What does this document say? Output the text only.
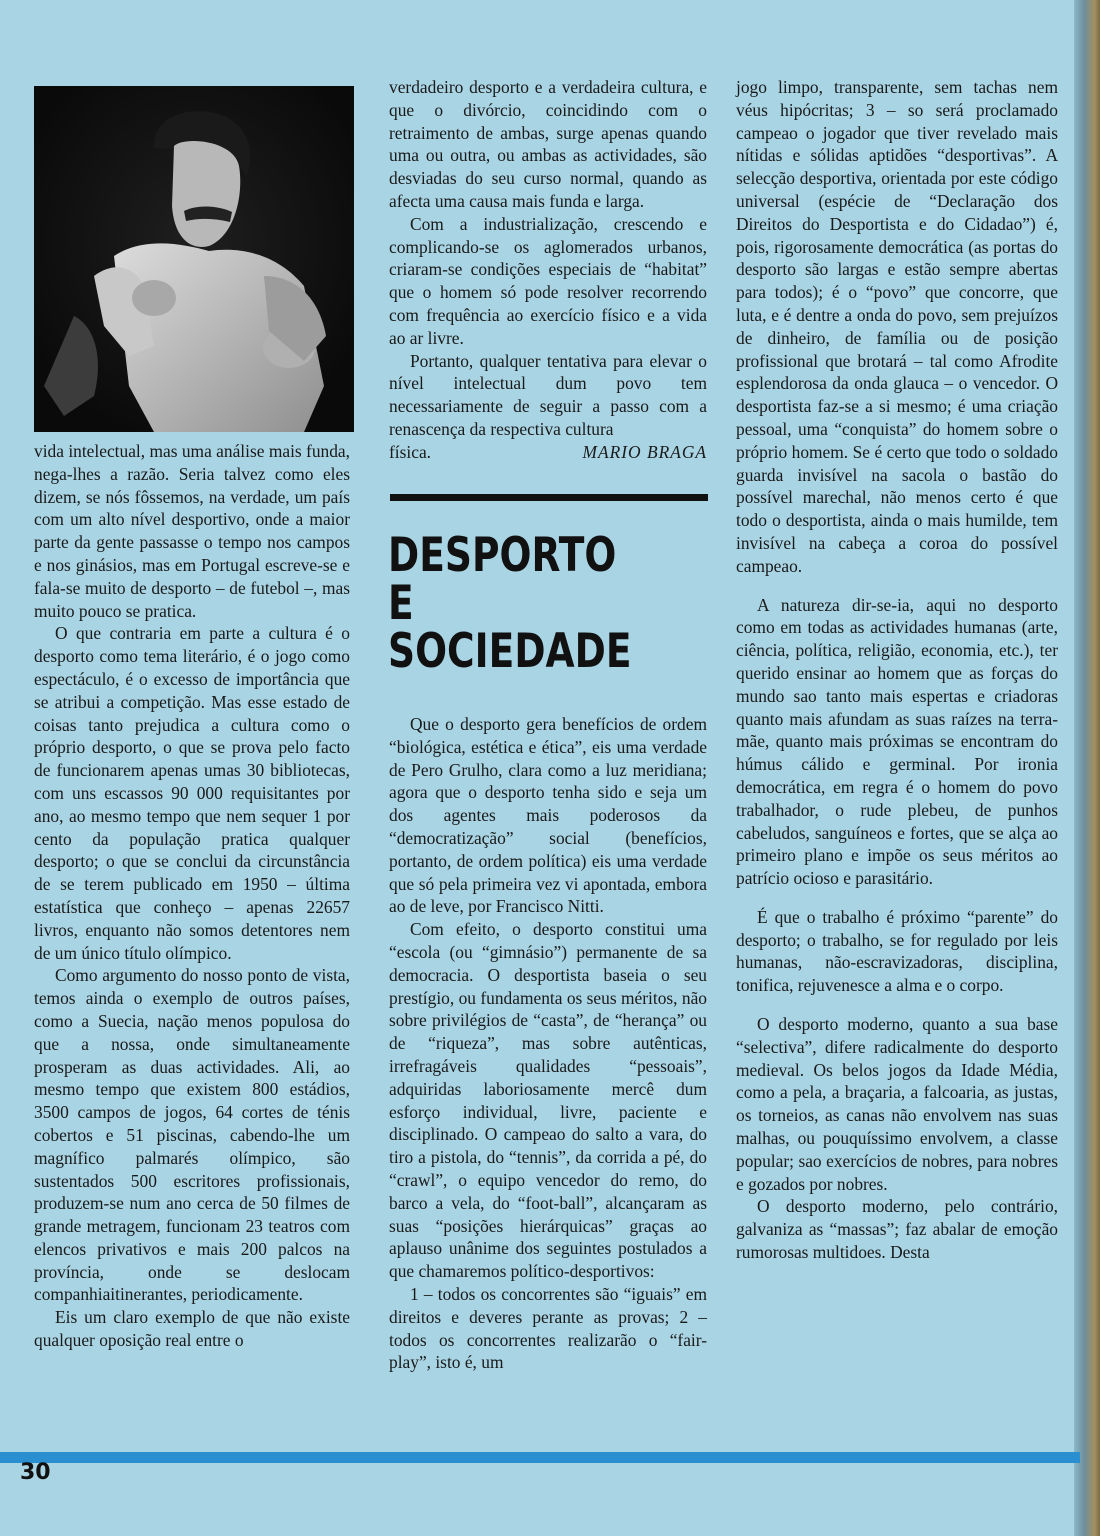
vida intelectual, mas uma análise mais funda, nega-lhes a razão. Seria talvez como eles dizem, se nós fôssemos, na verdade, um país com um alto nível desportivo, onde a maior parte da gente passasse o tempo nos campos e nos ginásios, mas em Portugal escreve-se e fala-se muito de desporto – de futebol –, mas muito pouco se pratica.

O que contraria em parte a cultura é o desporto como tema literário, é o jogo como espectáculo, é o excesso de importância que se atribui a competição. Mas esse estado de coisas tanto prejudica a cultura como o próprio desporto, o que se prova pelo facto de funcionarem apenas umas 30 bibliotecas, com uns escassos 90 000 requisitantes por ano, ao mesmo tempo que nem sequer 1 por cento da população pratica qualquer desporto; o que se conclui da circunstância de se terem publicado em 1950 – última estatística que conheço – apenas 22657 livros, enquanto não somos detentores nem de um único título olímpico.

Como argumento do nosso ponto de vista, temos ainda o exemplo de outros países, como a Suecia, nação menos populosa do que a nossa, onde simultaneamente prosperam as duas actividades. Ali, ao mesmo tempo que existem 800 estádios, 3500 campos de jogos, 64 cortes de ténis cobertos e 51 piscinas, cabendo-lhe um magnífico palmarés olímpico, são sustentados 500 escritores profissionais, produzem-se num ano cerca de 50 filmes de grande metragem, funcionam 23 teatros com elencos privativos e mais 200 palcos na província, onde se deslocam companhiaitinerantes, periodicamente.

Eis um claro exemplo de que não existe qualquer oposição real entre o

verdadeiro desporto e a verdadeira cultura, e que o divórcio, coincidindo com o retraimento de ambas, surge apenas quando uma ou outra, ou ambas as actividades, são desviadas do seu curso normal, quando as afecta uma causa mais funda e larga.

Com a industrialização, crescendo e complicando-se os aglomerados urbanos, criaram-se condições especiais de “habitat” que o homem só pode resolver recorrendo com frequência ao exercício físico e a vida ao ar livre.

Portanto, qualquer tentativa para elevar o nível intelectual dum povo tem necessariamente de seguir a passo com a renascença da respectiva cultura

física.	MARIO BRAGA

DESPORTO
E
SOCIEDADE

Que o desporto gera benefícios de ordem “biológica, estética e ética”, eis uma verdade de Pero Grulho, clara como a luz meridiana; agora que o desporto tenha sido e seja um dos agentes mais poderosos da “democratização” social (benefícios, portanto, de ordem política) eis uma verdade que só pela primeira vez vi apontada, embora ao de leve, por Francisco Nitti.

Com efeito, o desporto constitui uma “escola (ou “gimnásio”) permanente de sa democracia. O desportista baseia o seu prestígio, ou fundamenta os seus méritos, não sobre privilégios de “casta”, de “herança” ou de “riqueza”, mas sobre autênticas, irrefragáveis qualidades “pessoais”, adquiridas laboriosamente mercê dum esforço individual, livre, paciente e disciplinado. O campeao do salto a vara, do tiro a pistola, do “tennis”, da corrida a pé, do “crawl”, o equipo vencedor do remo, do barco a vela, do “foot-ball”, alcançaram as suas “posições hierárquicas” graças ao aplauso unânime dos seguintes postulados a que chamaremos político-desportivos:

1 – todos os concorrentes são “iguais” em direitos e deveres perante as provas; 2 – todos os concorrentes realizarão o “fair-play”, isto é, um

jogo limpo, transparente, sem tachas nem véus hipócritas; 3 – so será proclamado campeao o jogador que tiver revelado mais nítidas e sólidas aptidões “desportivas”. A selecção desportiva, orientada por este código universal (espécie de “Declaração dos Direitos do Desportista e do Cidadao”) é, pois, rigorosamente democrática (as portas do desporto são largas e estão sempre abertas para todos); é o “povo” que concorre, que luta, e é dentre a onda do povo, sem prejuízos de dinheiro, de família ou de posição profissional que brotará – tal como Afrodite esplendorosa da onda glauca – o vencedor. O desportista faz-se a si mesmo; é uma criação pessoal, uma “conquista” do homem sobre o próprio homem. Se é certo que todo o soldado guarda invisível na sacola o bastão do possível marechal, não menos certo é que todo o desportista, ainda o mais humilde, tem invisível na cabeça a coroa do possível campeao.

A natureza dir-se-ia, aqui no desporto como em todas as actividades humanas (arte, ciência, política, religião, economia, etc.), ter querido ensinar ao homem que as forças do mundo sao tanto mais espertas e criadoras quanto mais afundam as suas raízes na terra-mãe, quanto mais próximas se encontram do húmus cálido e germinal. Por ironia democrática, em regra é o homem do povo trabalhador, o rude plebeu, de punhos cabeludos, sanguíneos e fortes, que se alça ao primeiro plano e impõe os seus méritos ao patrício ocioso e parasitário.

É que o trabalho é próximo “parente” do desporto; o trabalho, se for regulado por leis humanas, não-escravizadoras, disciplina, tonifica, rejuvenesce a alma e o corpo.

O desporto moderno, quanto a sua base “selectiva”, difere radicalmente do desporto medieval. Os belos jogos da Idade Média, como a pela, a braçaria, a falcoaria, as justas, os torneios, as canas não envolvem nas suas malhas, ou pouquíssimo envolvem, a classe popular; sao exercícios de nobres, para nobres e gozados por nobres.

O desporto moderno, pelo contrário, galvaniza as “massas”; faz abalar de emoção rumorosas multidoes. Desta

30
